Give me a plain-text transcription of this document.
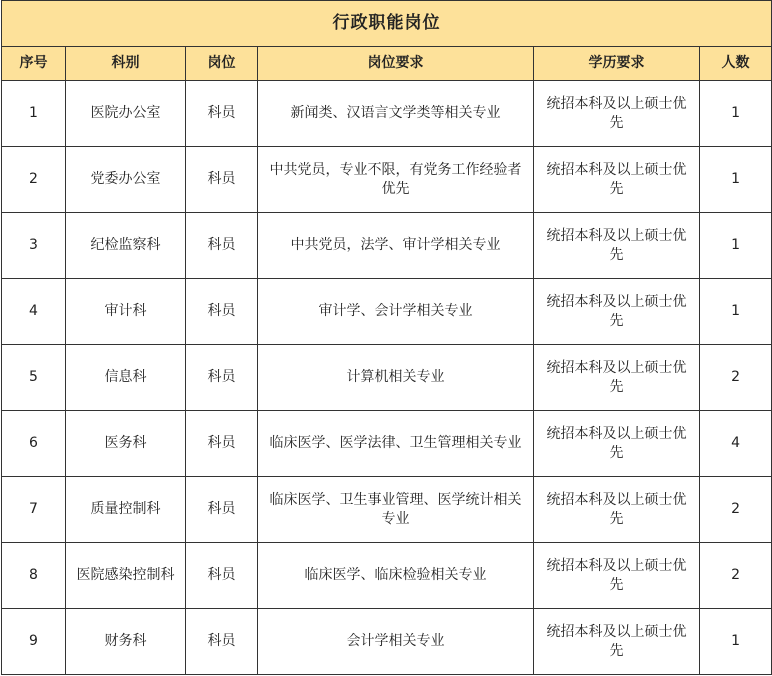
行政职能岗位					
序号	科别	岗位	岗位要求	学历要求	人数
1	医院办公室	科员	新闻类、汉语言文学类等相关专业	统招本科及以上硕士优先	1
2	党委办公室	科员	中共党员，专业不限，有党务工作经验者优先	统招本科及以上硕士优先	1
3	纪检监察科	科员	中共党员，法学、审计学相关专业	统招本科及以上硕士优先	1
4	审计科	科员	审计学、会计学相关专业	统招本科及以上硕士优先	1
5	信息科	科员	计算机相关专业	统招本科及以上硕士优先	2
6	医务科	科员	临床医学、医学法律、卫生管理相关专业	统招本科及以上硕士优先	4
7	质量控制科	科员	临床医学、卫生事业管理、医学统计相关专业	统招本科及以上硕士优先	2
8	医院感染控制科	科员	临床医学、临床检验相关专业	统招本科及以上硕士优先	2
9	财务科	科员	会计学相关专业	统招本科及以上硕士优先	1
